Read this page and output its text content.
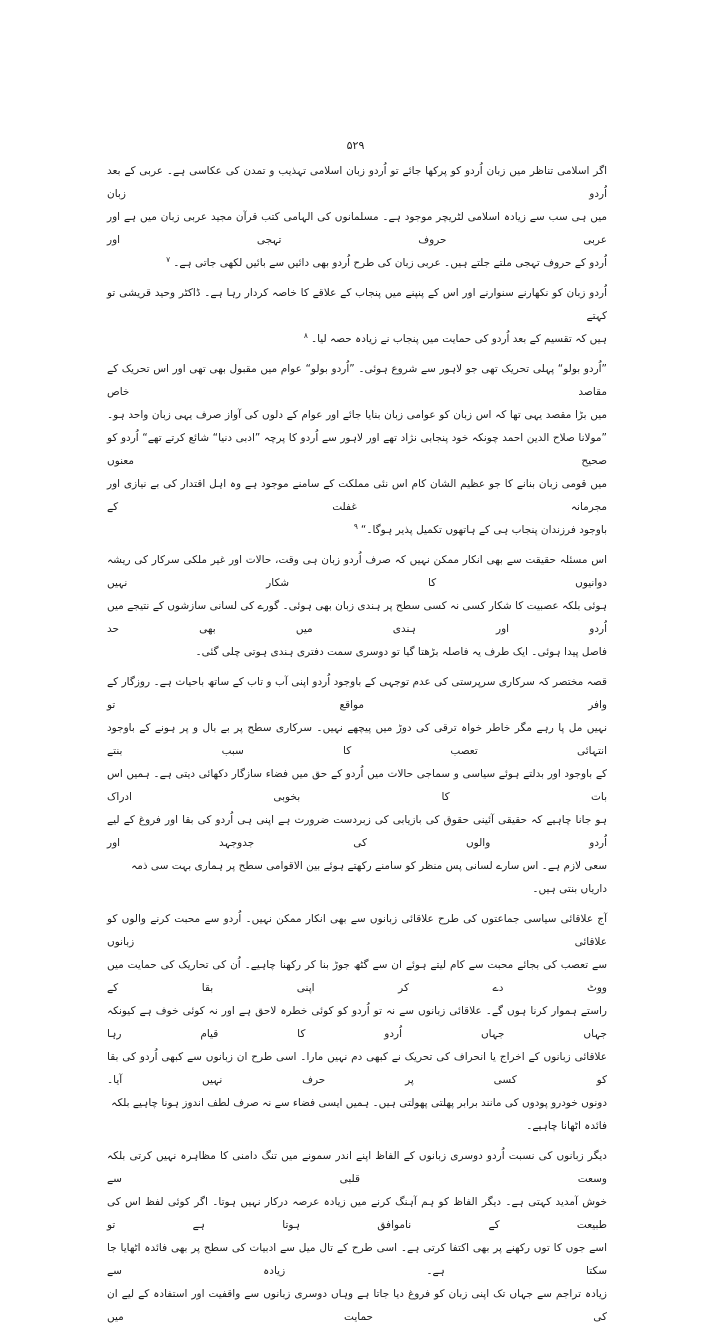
۵۲۹
اگر اسلامی تناظر میں زبان اُردو کو پرکھا جائے تو اُردو زبان اسلامی تہذیب و تمدن کی عکاسی ہے۔ عربی کے بعد اُردو زبان
میں ہی سب سے زیادہ اسلامی لٹریچر موجود ہے۔ مسلمانوں کی الہامی کتب قرآن مجید عربی زبان میں ہے اور عربی حروف تہجی اور
اُردو کے حروف تہجی ملتے جلتے ہیں۔ عربی زبان کی طرح اُردو بھی دائیں سے بائیں لکھی جاتی ہے۔$^۷$
اُردو زبان کو نکھارنے سنوارنے اور اس کے پنپنے میں پنجاب کے علاقے کا خاصہ کردار رہا ہے۔ ڈاکٹر وحید قریشی تو کہتے
ہیں کہ تقسیم کے بعد اُردو کی حمایت میں پنجاب نے زیادہ حصہ لیا۔$^۸$
”اُردو بولو“ پہلی تحریک تھی جو لاہور سے شروع ہوئی۔ ”اُردو بولو“ عوام میں مقبول بھی تھی اور اس تحریک کے مقاصد خاص
میں بڑا مقصد یہی تھا کہ اس زبان کو عوامی زبان بنایا جائے اور عوام کے دلوں کی آواز صرف یہی زبان واحد ہو۔
”مولانا صلاح الدین احمد چونکہ خود پنجابی نژاد تھے اور لاہور سے اُردو کا پرچہ ”ادبی دنیا“ شائع کرتے تھے“ اُردو کو صحیح معنوں
میں قومی زبان بنانے کا جو عظیم الشان کام اس نئی مملکت کے سامنے موجود ہے وہ اہل اقتدار کی بے نیازی اور مجرمانہ غفلت کے
باوجود فرزندان پنجاب ہی کے ہاتھوں تکمیل پذیر ہوگا۔“$^۹$
اس مسئلہ حقیقت سے بھی انکار ممکن نہیں کہ صرف اُردو زبان ہی وقت، حالات اور غیر ملکی سرکار کی ریشہ دوانیوں کا شکار نہیں
ہوئی بلکہ عصبیت کا شکار کسی نہ کسی سطح پر ہندی زبان بھی ہوئی۔ گورے کی لسانی سازشوں کے نتیجے میں اُردو اور ہندی میں بھی حد
فاصل پیدا ہوئی۔ ایک طرف یہ فاصلہ بڑھتا گیا تو دوسری سمت دفتری ہندی ہوتی چلی گئی۔
قصہ مختصر کہ سرکاری سرپرستی کی عدم توجہی کے باوجود اُردو اپنی آب و تاب کے ساتھ باحیات ہے۔ روزگار کے وافر مواقع تو
نہیں مل پا رہے مگر خاطر خواہ ترقی کی دوڑ میں پیچھے نہیں۔ سرکاری سطح پر بے بال و پر ہونے کے باوجود انتہائی تعصب کا سبب بنتے
کے باوجود اور بدلتے ہوئے سیاسی و سماجی حالات میں اُردو کے حق میں فضاء سازگار دکھائی دیتی ہے۔ ہمیں اس بات کا بخوبی ادراک
ہو جانا چاہیے کہ حقیقی آئینی حقوق کی بازیابی کی زبردست ضرورت ہے اپنی ہی اُردو کی بقا اور فروغ کے لیے اُردو والوں کی جدوجہد اور
سعی لازم ہے۔ اس سارے لسانی پس منظر کو سامنے رکھتے ہوئے بین الاقوامی سطح پر ہماری بہت سی ذمہ داریاں بنتی ہیں۔
آج علاقائی سیاسی جماعتوں کی طرح علاقائی زبانوں سے بھی انکار ممکن نہیں۔ اُردو سے محبت کرنے والوں کو علاقائی زبانوں
سے تعصب کی بجائے محبت سے کام لیتے ہوئے ان سے گٹھ جوڑ بنا کر رکھنا چاہیے۔ اُن کی تحاریک کی حمایت میں ووٹ دے کر اپنی بقا کے
راستے ہموار کرنا ہوں گے۔ علاقائی زبانوں سے نہ تو اُردو کو کوئی خطرہ لاحق ہے اور نہ کوئی خوف ہے کیونکہ جہاں جہاں اُردو کا قیام رہا
علاقائی زبانوں کے اخراج یا انحراف کی تحریک نے کبھی دم نہیں مارا۔ اسی طرح ان زبانوں سے کبھی اُردو کی بقا کو کسی پر حرف نہیں آیا۔
دونوں خودرو پودوں کی مانند برابر پھلتی پھولتی ہیں۔ ہمیں ایسی فضاء سے نہ صرف لطف اندوز ہونا چاہیے بلکہ فائدہ اٹھانا چاہیے۔
دیگر زبانوں کی نسبت اُردو دوسری زبانوں کے الفاظ اپنے اندر سمونے میں تنگ دامنی کا مظاہرہ نہیں کرتی بلکہ وسعت قلبی سے
خوش آمدید کہتی ہے۔ دیگر الفاظ کو ہم آہنگ کرنے میں زیادہ عرصہ درکار نہیں ہوتا۔ اگر کوئی لفظ اس کی طبیعت کے ناموافق ہوتا ہے تو
اسے جوں کا توں رکھنے پر بھی اکتفا کرتی ہے۔ اسی طرح کے تال میل سے ادبیات کی سطح پر بھی فائدہ اٹھایا جا سکتا ہے۔ زیادہ سے
زیادہ تراجم سے جہاں تک اپنی زبان کو فروغ دیا جاتا ہے وہاں دوسری زبانوں سے واقفیت اور استفادہ کے لیے ان کی حمایت میں
